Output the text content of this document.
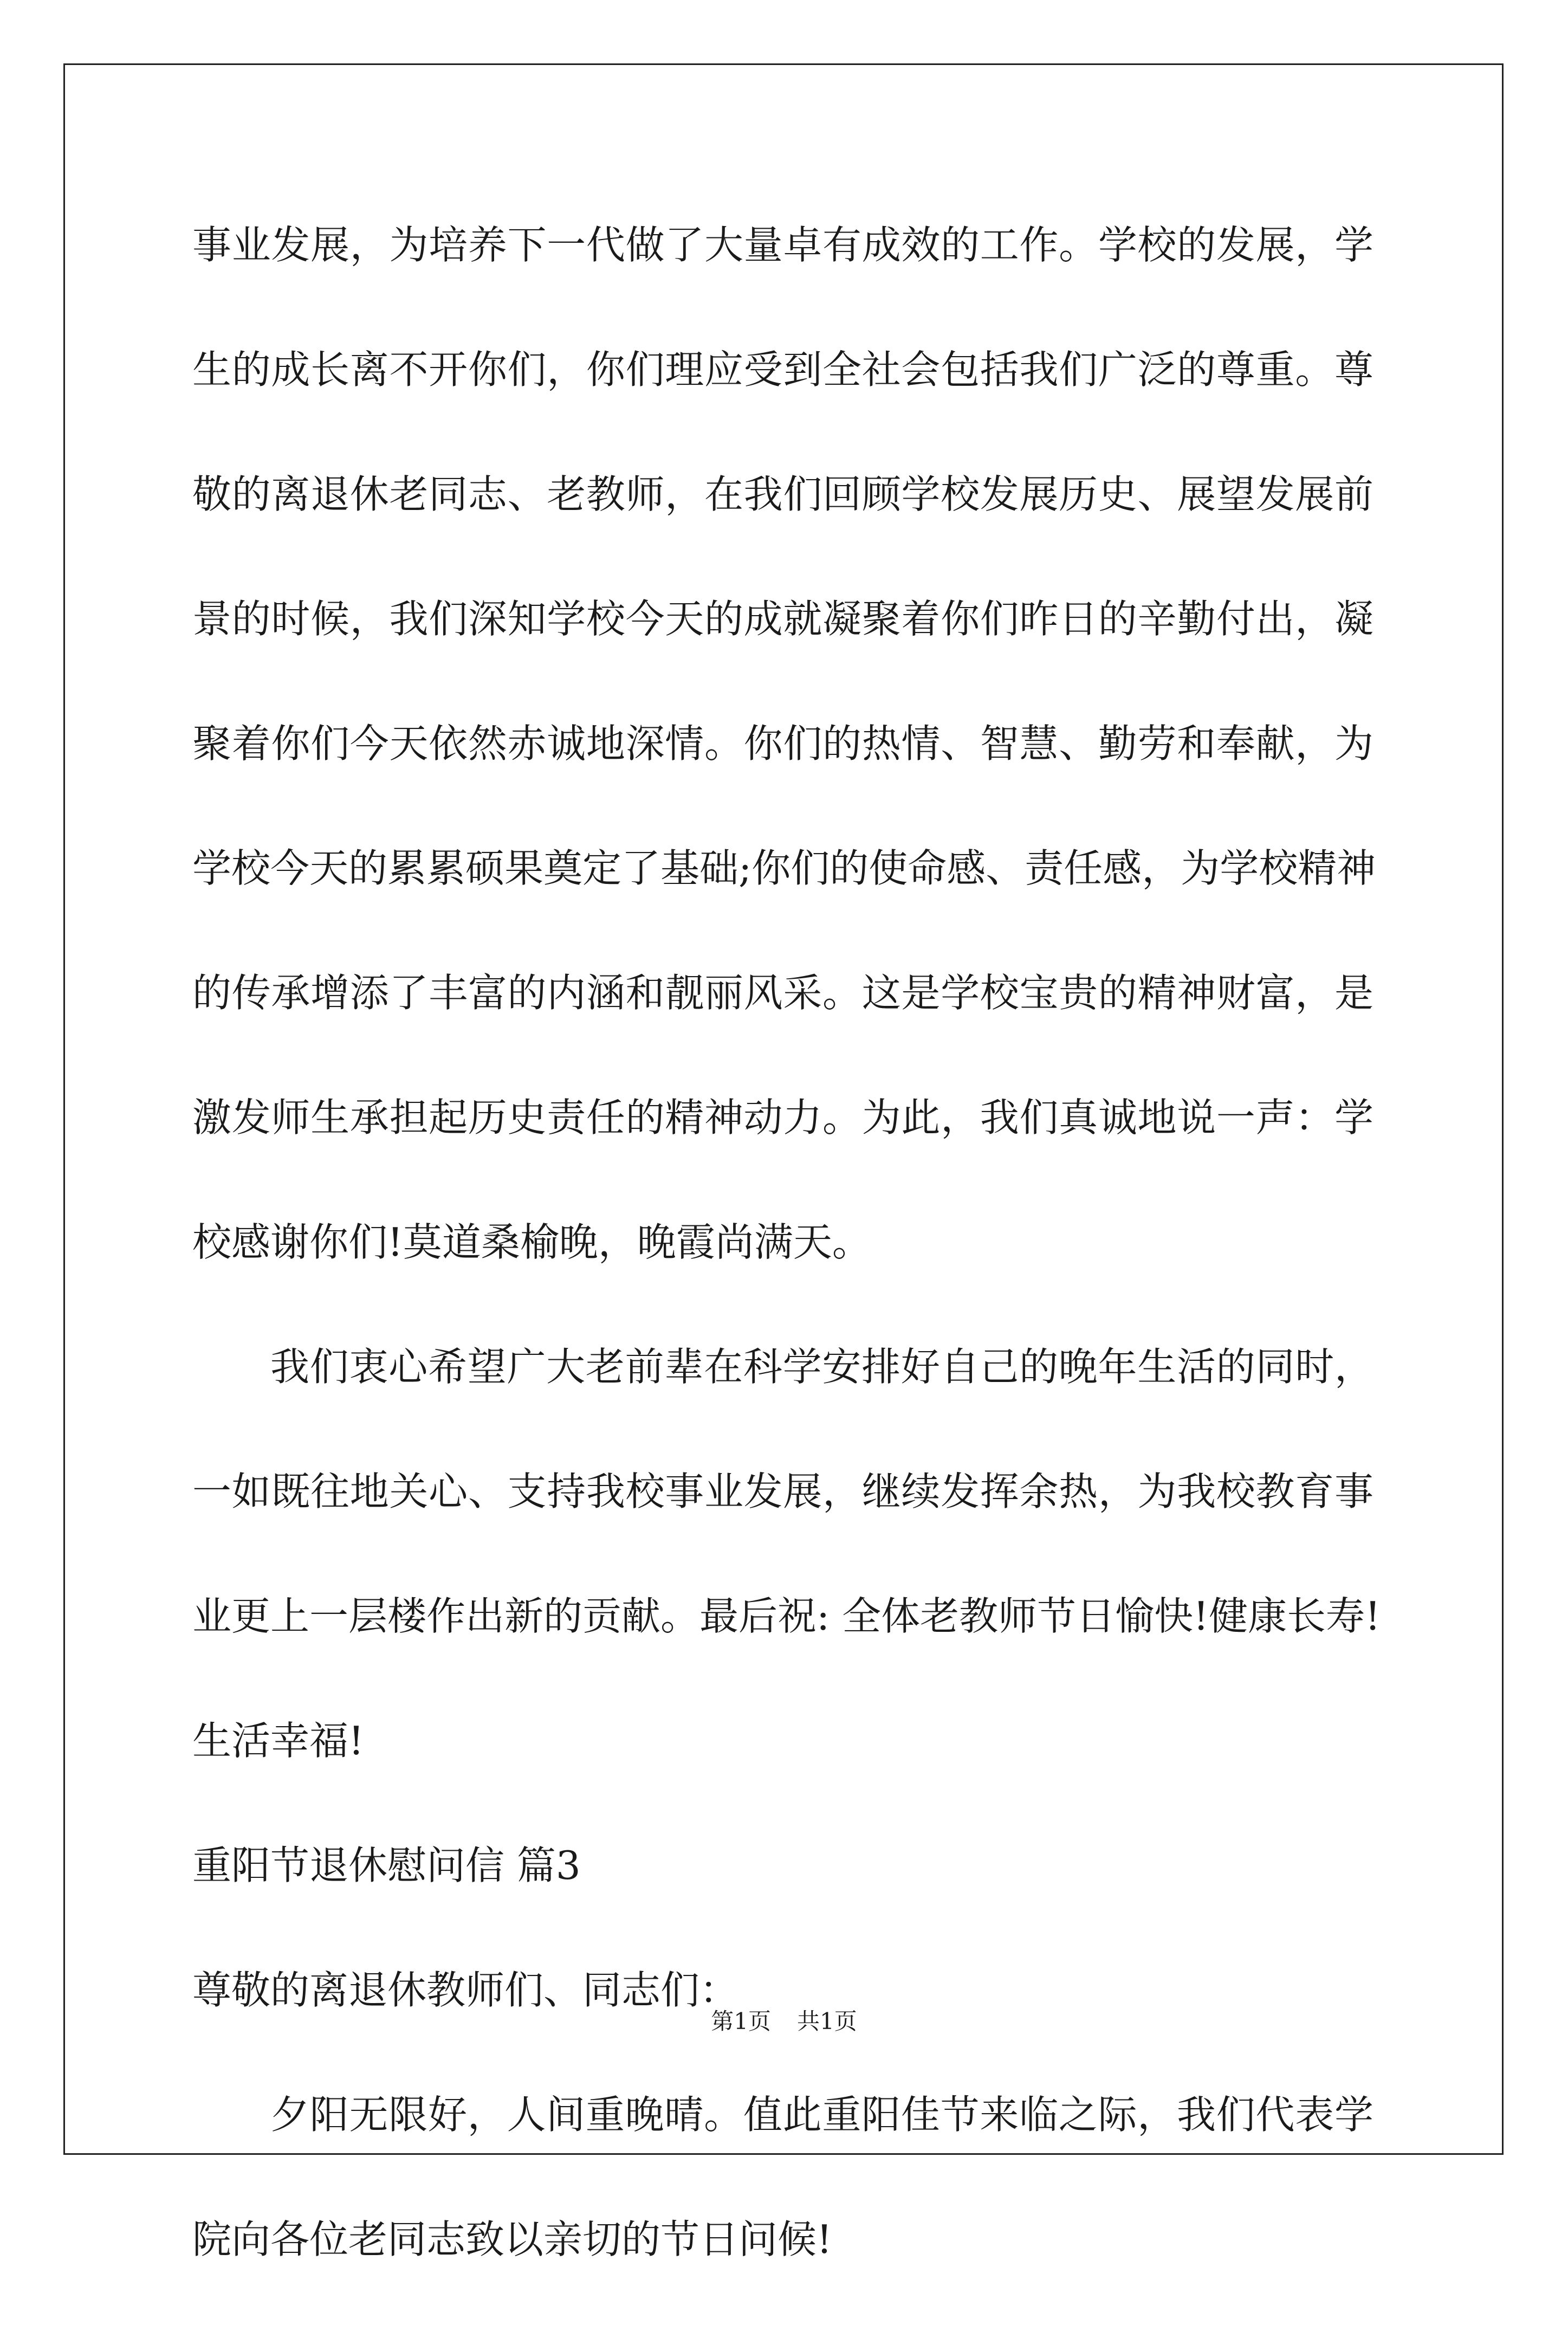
事业发展，为培养下一代做了大量卓有成效的工作。学校的发展，学
生的成长离不开你们，你们理应受到全社会包括我们广泛的尊重。尊
敬的离退休老同志、老教师，在我们回顾学校发展历史、展望发展前
景的时候，我们深知学校今天的成就凝聚着你们昨日的辛勤付出，凝
聚着你们今天依然赤诚地深情。你们的热情、智慧、勤劳和奉献，为
学校今天的累累硕果奠定了基础;你们的使命感、责任感，为学校精神
的传承增添了丰富的内涵和靓丽风采。这是学校宝贵的精神财富，是
激发师生承担起历史责任的精神动力。为此，我们真诚地说一声：学
校感谢你们!莫道桑榆晚，晚霞尚满天。
我们衷心希望广大老前辈在科学安排好自己的晚年生活的同时，
一如既往地关心、支持我校事业发展，继续发挥余热，为我校教育事
业更上一层楼作出新的贡献。最后祝: 全体老教师节日愉快!健康长寿!
生活幸福!
重阳节退休慰问信 篇3
尊敬的离退休教师们、同志们：
夕阳无限好，人间重晚晴。值此重阳佳节来临之际，我们代表学
院向各位老同志致以亲切的节日问候!
第1页 共1页
